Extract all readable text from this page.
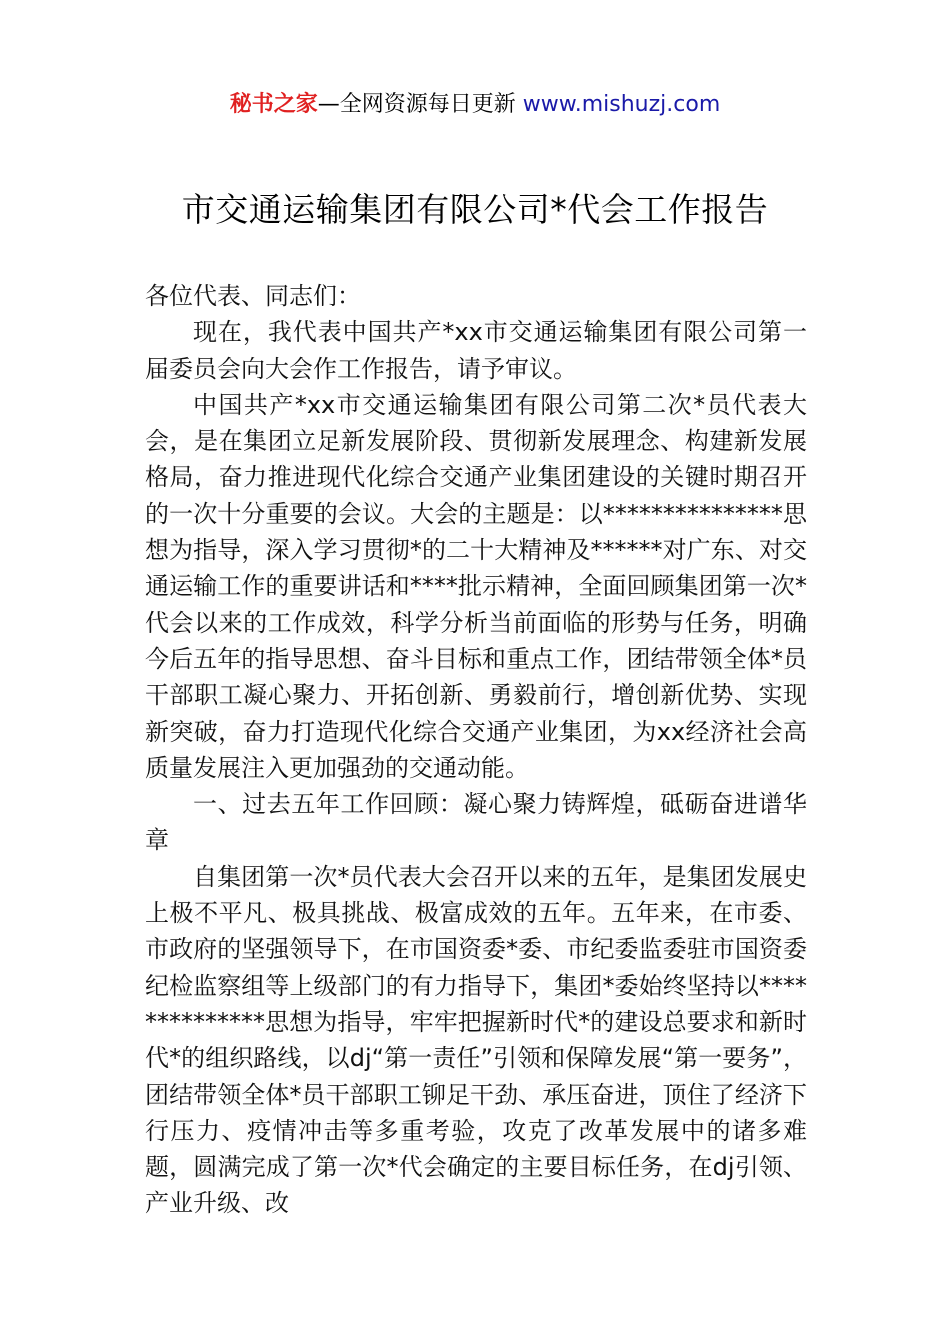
秘书之家—全网资源每日更新 www.mishuzj.com
市交通运输集团有限公司*代会工作报告

各位代表、同志们：

现在，我代表中国共产*xx市交通运输集团有限公司第一届委员会向大会作工作报告，请予审议。

中国共产*xx市交通运输集团有限公司第二次*员代表大会，是在集团立足新发展阶段、贯彻新发展理念、构建新发展格局，奋力推进现代化综合交通产业集团建设的关键时期召开的一次十分重要的会议。大会的主题是：以***************思想为指导，深入学习贯彻*的二十大精神及******对广东、对交通运输工作的重要讲话和****批示精神，全面回顾集团第一次*代会以来的工作成效，科学分析当前面临的形势与任务，明确今后五年的指导思想、奋斗目标和重点工作，团结带领全体*员干部职工凝心聚力、开拓创新、勇毅前行，增创新优势、实现新突破，奋力打造现代化综合交通产业集团，为xx经济社会高质量发展注入更加强劲的交通动能。

一、过去五年工作回顾：凝心聚力铸辉煌，砥砺奋进谱华章

自集团第一次*员代表大会召开以来的五年，是集团发展史上极不平凡、极具挑战、极富成效的五年。五年来，在市委、市政府的坚强领导下，在市国资委*委、市纪委监委驻市国资委纪检监察组等上级部门的有力指导下，集团*委始终坚持以**************思想为指导，牢牢把握新时代*的建设总要求和新时代*的组织路线，以dj“第一责任”引领和保障发展“第一要务”，团结带领全体*员干部职工铆足干劲、承压奋进，顶住了经济下行压力、疫情冲击等多重考验，攻克了改革发展中的诸多难题，圆满完成了第一次*代会确定的主要目标任务，在dj引领、产业升级、改
